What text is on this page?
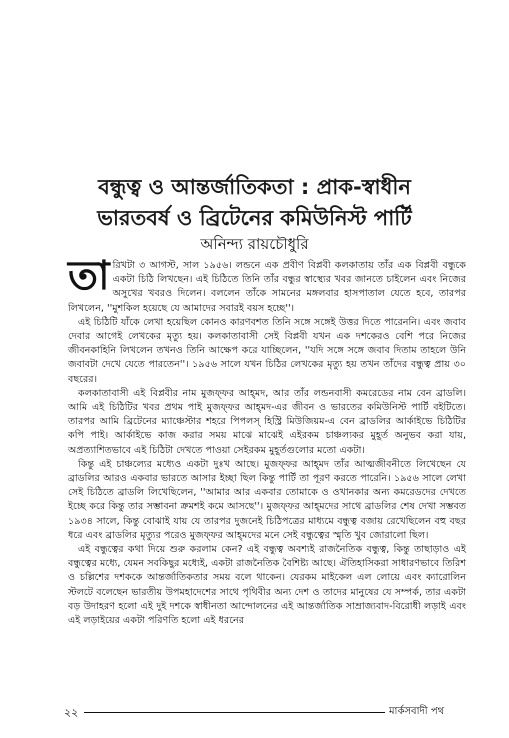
বন্ধুত্ব ও আন্তর্জাতিকতা : প্রাক-স্বাধীন
ভারতবর্ষ ও ব্রিটেনের কমিউনিস্ট পার্টি
অনিন্দ্য রায়চৌধুরি

তারিখটা ৩ আগস্ট, সাল ১৯৫৬। লন্ডনে এক প্রবীণ বিপ্লবী কলকাতায় তাঁর এক বিপ্লবী বন্ধুকে একটা চিঠি লিখছেন। এই চিঠিতে তিনি তাঁর বন্ধুর স্বাস্থ্যের খবর জানতে চাইলেন এবং নিজের অসুখের খবরও দিলেন। বললেন তাঁকে সামনের মঙ্গলবার হাসপাতাল যেতে হবে, তারপর লিখলেন, ''মুশকিল হয়েছে যে আমাদের সবারই বয়স হচ্ছে''।

এই চিঠিটি যাঁকে লেখা হয়েছিল কোনও কারণবশত তিনি সঙ্গে সঙ্গেই উত্তর দিতে পারেননি। এবং জবাব দেবার আগেই লেখকের মৃত্যু হয়। কলকাতাবাসী সেই বিপ্লবী যখন এক দশকেরও বেশি পরে নিজের জীবনকাহিনি লিখলেন তখনও তিনি আক্ষেপ করে যাচ্ছিলেন, ''যদি সঙ্গে সঙ্গে জবাব দিতাম তাহলে উনি জবাবটা দেখে যেতে পারতেন''। ১৯৫৬ সালে যখন চিঠির লেখকের মৃত্যু হয় তখন তাঁদের বন্ধুত্ব প্রায় ৩০ বছরের।

কলকাতাবাসী এই বিপ্লবীর নাম মুজফ্ফর আহ্‌মদ, আর তাঁর লন্ডনবাসী কমরেডের নাম বেন ব্রাডলি। আমি এই চিঠিটির খবর প্রথম পাই মুজফ্ফর আহ্‌মদ-এর জীবন ও ভারতের কমিউনিস্ট পার্টি বইটিতে। তারপর আমি ব্রিটেনের ম্যাঞ্চেস্টার শহরে পিপলস্ হিস্ট্রি মিউজিয়ম-এ বেন ব্রাডলির আর্কাইভে চিঠিটির কপি পাই। আর্কাইভে কাজ করার সময় মাঝে মাঝেই এইরকম চাঞ্চল্যকর মুহূর্ত অনুভব করা যায়, অপ্রত্যাশিতভাবে এই চিঠিটা দেখতে পাওয়া সেইরকম মুহূর্তগুলোর মতো একটা।

কিন্তু এই চাঞ্চল্যের মধ্যেও একটা দুঃখ আছে। মুজফ্ফর আহ্‌মদ তাঁর আত্মজীবনীতে লিখেছেন যে ব্রাডলির আরও একবার ভারতে আসার ইচ্ছা ছিল কিন্তু পার্টি তা পূরণ করতে পারেনি। ১৯৫৬ সালে লেখা সেই চিঠিতে ব্রাডলি লিখেছিলেন, ''আমার আর একবার তোমাকে ও ওখানকার অন্য কমরেডদের দেখতে ইচ্ছে করে কিন্তু তার সম্ভাবনা ক্রমশই কমে আসছে''। মুজফ্ফর আহ্‌মদের সাথে ব্রাডলির শেষ দেখা সম্ভবত ১৯৩৪ সালে, কিন্তু বোঝাই যায় যে তারপর দুজনেই চিঠিপত্রের মাধ্যমে বন্ধুত্ব বজায় রেখেছিলেন বহু বছর ধরে এবং ব্রাডলির মৃত্যুর পরেও মুজফ্ফর আহ্‌মদের মনে সেই বন্ধুত্বের স্মৃতি খুব জোরালো ছিল।

এই বন্ধুত্বের কথা দিয়ে শুরু করলাম কেন? এই বন্ধুত্ব অবশ্যই রাজনৈতিক বন্ধুত্ব, কিন্তু তাছাড়াও এই বন্ধুত্বের মধ্যে, যেমন সবকিছুর মধ্যেই, একটা রাজনৈতিক বৈশিষ্ট্য আছে। ঐতিহাসিকরা সাধারণভাবে তিরিশ ও চল্লিশের দশককে আন্তর্জাতিকতার সময় বলে থাকেন। যেরকম মাইকেল এল লোয়ে এবং ক্যারোলিন স্টলটে বলেছেন ভারতীয় উপমহাদেশের সাথে পৃথিবীর অন্য দেশ ও তাদের মানুষের যে সম্পর্ক, তার একটা বড় উদাহরণ হলো এই দুই দশকে স্বাধীনতা আন্দোলনের এই আন্তর্জাতিক সাম্রাজ্যবাদ-বিরোধী লড়াই এবং এই লড়াইয়ের একটা পরিণতি হলো এই ধরনের

২২	মার্কসবাদী পথ
